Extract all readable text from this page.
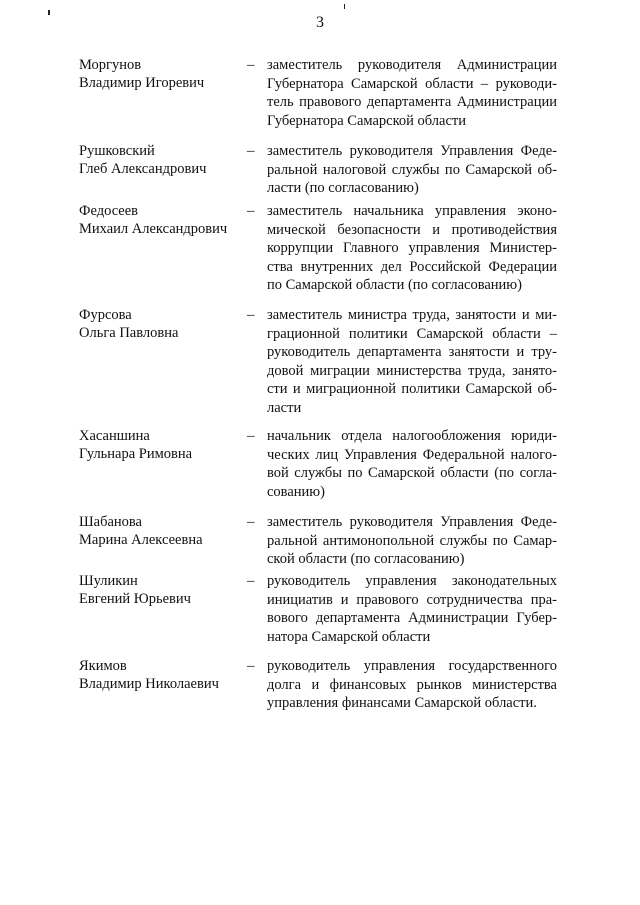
3
Моргунов
Владимир Игоревич
– заместитель руководителя Администрации Губернатора Самарской области – руководитель правового департамента Администрации Губернатора Самарской области
Рушковский
Глеб Александрович
– заместитель руководителя Управления Федеральной налоговой службы по Самарской области (по согласованию)
Федосеев
Михаил Александрович
– заместитель начальника управления экономической безопасности и противодействия коррупции Главного управления Министерства внутренних дел Российской Федерации по Самарской области (по согласованию)
Фурсова
Ольга Павловна
– заместитель министра труда, занятости и миграционной политики Самарской области – руководитель департамента занятости и трудовой миграции министерства труда, занятости и миграционной политики Самарской области
Хасаншина
Гульнара Римовна
– начальник отдела налогообложения юридических лиц Управления Федеральной налоговой службы по Самарской области (по согласованию)
Шабанова
Марина Алексеевна
– заместитель руководителя Управления Федеральной антимонопольной службы по Самарской области (по согласованию)
Шуликин
Евгений Юрьевич
– руководитель управления законодательных инициатив и правового сотрудничества правового департамента Администрации Губернатора Самарской области
Якимов
Владимир Николаевич
– руководитель управления государственного долга и финансовых рынков министерства управления финансами Самарской области.
